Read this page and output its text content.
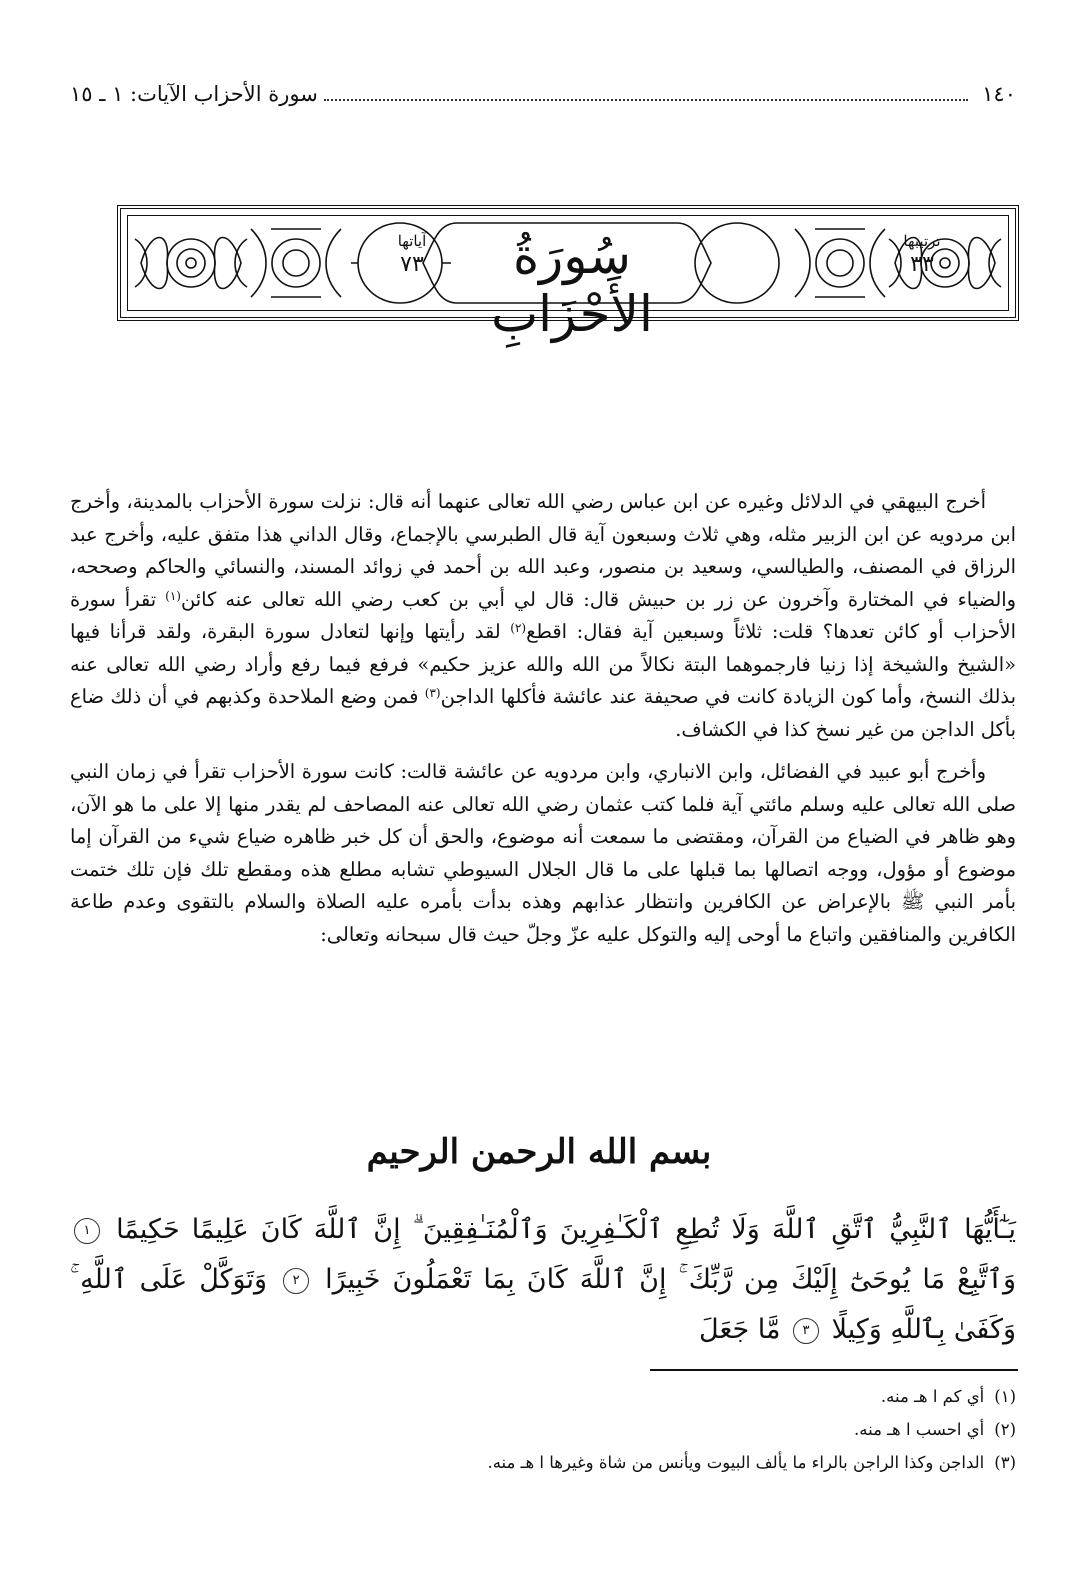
١٤٠
سورة الأحزاب الآيات: ١ ـ ١٥
آياتها
٧٣	سُورَةُ الأَحْزَابِ
ترتيبها
٣٣

أخرج البيهقي في الدلائل وغيره عن ابن عباس رضي الله تعالى عنهما أنه قال: نزلت سورة الأحزاب بالمدينة، وأخرج ابن مردويه عن ابن الزبير مثله، وهي ثلاث وسبعون آية قال الطبرسي بالإجماع، وقال الداني هذا متفق عليه، وأخرج عبد الرزاق في المصنف، والطيالسي، وسعيد بن منصور، وعبد الله بن أحمد في زوائد المسند، والنسائي والحاكم وصححه، والضياء في المختارة وآخرون عن زر بن حبيش قال: قال لي أبي بن كعب رضي الله تعالى عنه كائن$^{(١)}$ تقرأ سورة الأحزاب أو كائن تعدها؟ قلت: ثلاثاً وسبعين آية فقال: اقطع$^{(٢)}$ لقد رأيتها وإنها لتعادل سورة البقرة، ولقد قرأنا فيها «الشيخ والشيخة إذا زنيا فارجموهما البتة نكالاً من الله والله عزيز حكيم» فرفع فيما رفع وأراد رضي الله تعالى عنه بذلك النسخ، وأما كون الزيادة كانت في صحيفة عند عائشة فأكلها الداجن$^{(٣)}$ فمن وضع الملاحدة وكذبهم في أن ذلك ضاع بأكل الداجن من غير نسخ كذا في الكشاف.

وأخرج أبو عبيد في الفضائل، وابن الانباري، وابن مردويه عن عائشة قالت: كانت سورة الأحزاب تقرأ في زمان النبي صلى الله تعالى عليه وسلم مائتي آية فلما كتب عثمان رضي الله تعالى عنه المصاحف لم يقدر منها إلا على ما هو الآن، وهو ظاهر في الضياع من القرآن، ومقتضى ما سمعت أنه موضوع، والحق أن كل خبر ظاهره ضياع شيء من القرآن إما موضوع أو مؤول، ووجه اتصالها بما قبلها على ما قال الجلال السيوطي تشابه مطلع هذه ومقطع تلك فإن تلك ختمت بأمر النبي ﷺ بالإعراض عن الكافرين وانتظار عذابهم وهذه بدأت بأمره عليه الصلاة والسلام بالتقوى وعدم طاعة الكافرين والمنافقين واتباع ما أوحى إليه والتوكل عليه عزّ وجلّ حيث قال سبحانه وتعالى:

بسم الله الرحمن الرحيم
يَـٰٓأَيُّهَا ٱلنَّبِيُّ ٱتَّقِ ٱللَّهَ وَلَا تُطِعِ ٱلْكَـٰفِرِينَ وَٱلْمُنَـٰفِقِينَ ۗ إِنَّ ٱللَّهَ كَانَ عَلِيمًا حَكِيمًا ١ وَٱتَّبِعْ مَا يُوحَىٰٓ إِلَيْكَ مِن رَّبِّكَ ۚ إِنَّ ٱللَّهَ كَانَ بِمَا تَعْمَلُونَ خَبِيرًا ٢ وَتَوَكَّلْ عَلَى ٱللَّهِ ۚ وَكَفَىٰ بِٱللَّهِ وَكِيلًا ٣ مَّا جَعَلَ
(١)أي كم ا هـ منه.
(٢)أي احسب ا هـ منه.
(٣)الداجن وكذا الراجن بالراء ما يألف البيوت ويأنس من شاة وغيرها ا هـ منه.
